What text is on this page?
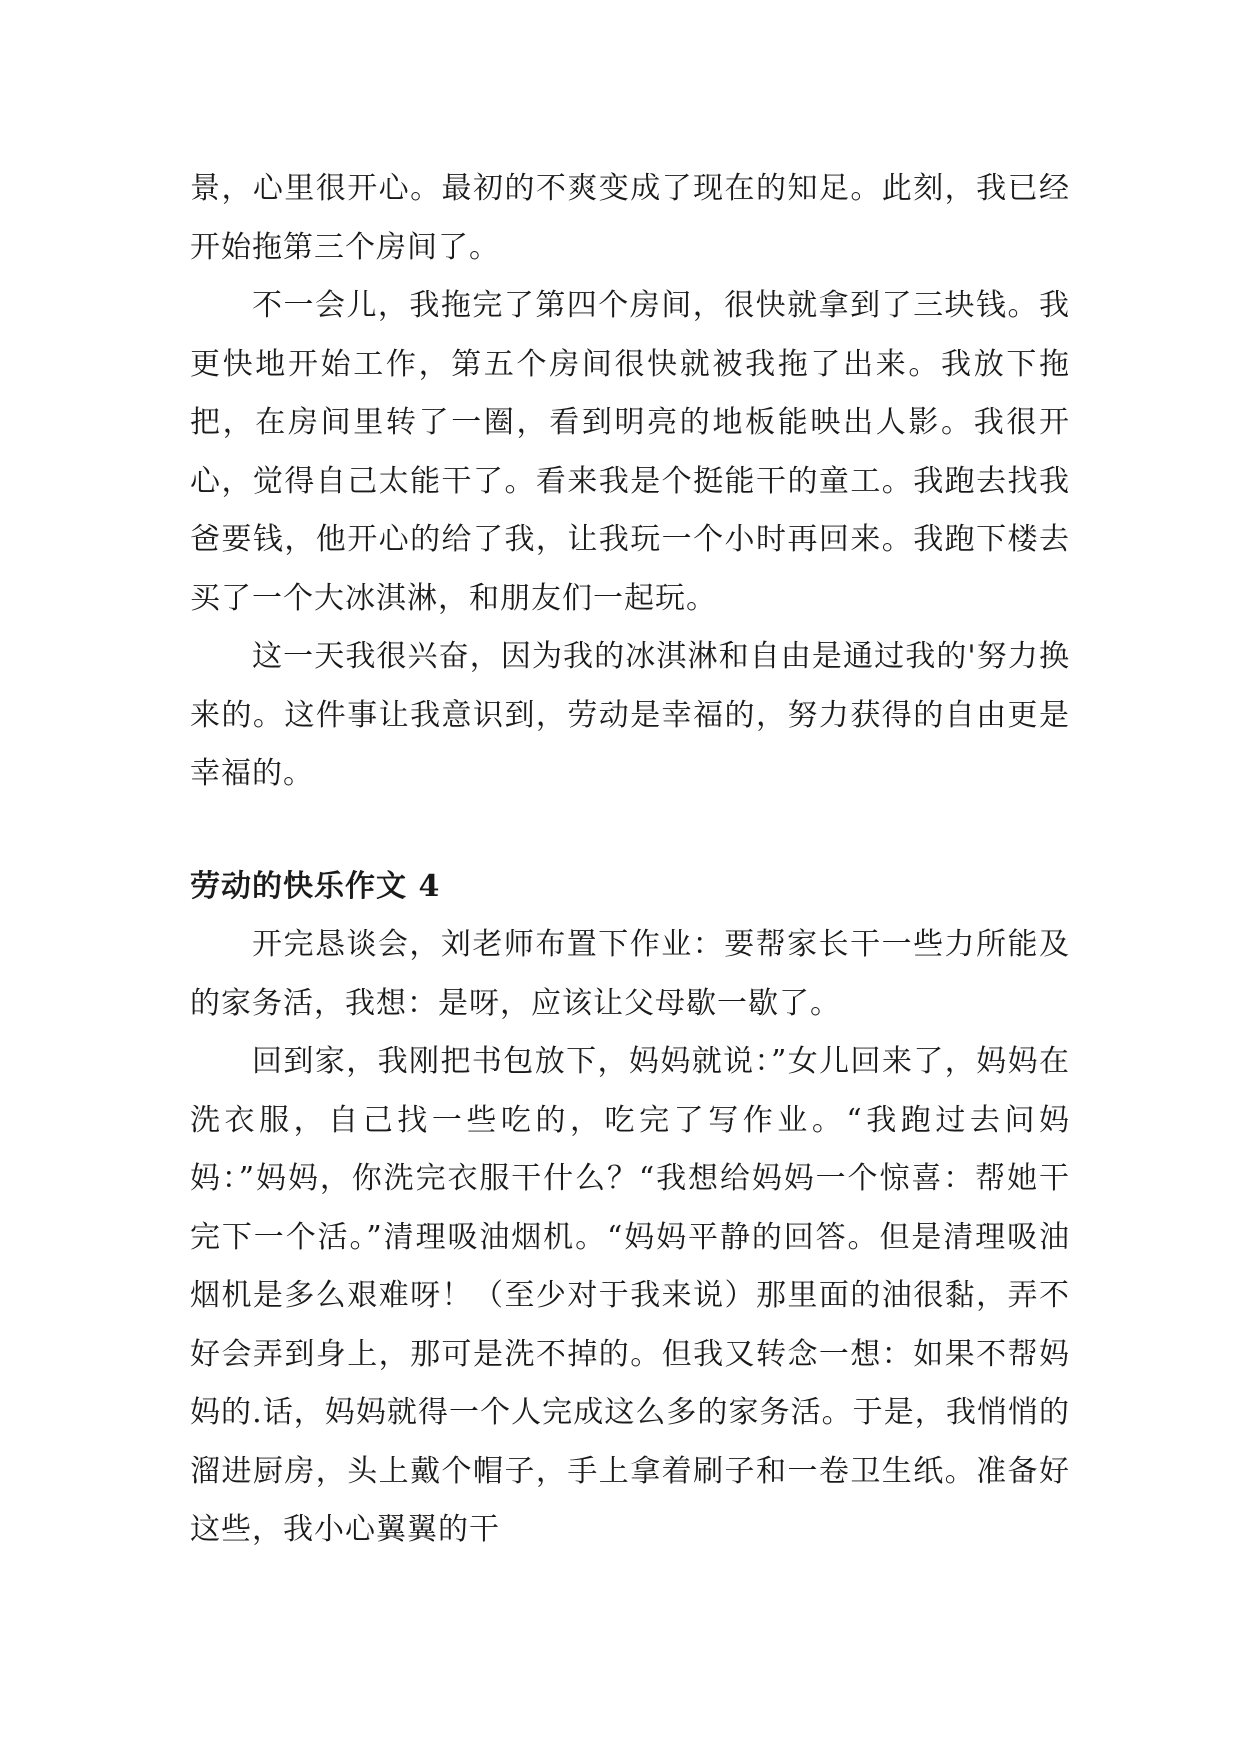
景，心里很开心。最初的不爽变成了现在的知足。此刻，我已经开始拖第三个房间了。

不一会儿，我拖完了第四个房间，很快就拿到了三块钱。我更快地开始工作，第五个房间很快就被我拖了出来。我放下拖把，在房间里转了一圈，看到明亮的地板能映出人影。我很开心，觉得自己太能干了。看来我是个挺能干的童工。我跑去找我爸要钱，他开心的给了我，让我玩一个小时再回来。我跑下楼去买了一个大冰淇淋，和朋友们一起玩。

这一天我很兴奋，因为我的冰淇淋和自由是通过我的'努力换来的。这件事让我意识到，劳动是幸福的，努力获得的自由更是幸福的。

劳动的快乐作文 4

开完恳谈会，刘老师布置下作业：要帮家长干一些力所能及的家务活，我想：是呀，应该让父母歇一歇了。

回到家，我刚把书包放下，妈妈就说：”女儿回来了，妈妈在洗衣服，自己找一些吃的，吃完了写作业。“我跑过去问妈妈：”妈妈，你洗完衣服干什么？“我想给妈妈一个惊喜：帮她干完下一个活。”清理吸油烟机。“妈妈平静的回答。但是清理吸油烟机是多么艰难呀！（至少对于我来说）那里面的油很黏，弄不好会弄到身上，那可是洗不掉的。但我又转念一想：如果不帮妈妈的.话，妈妈就得一个人完成这么多的家务活。于是，我悄悄的溜进厨房，头上戴个帽子，手上拿着刷子和一卷卫生纸。准备好这些，我小心翼翼的干
